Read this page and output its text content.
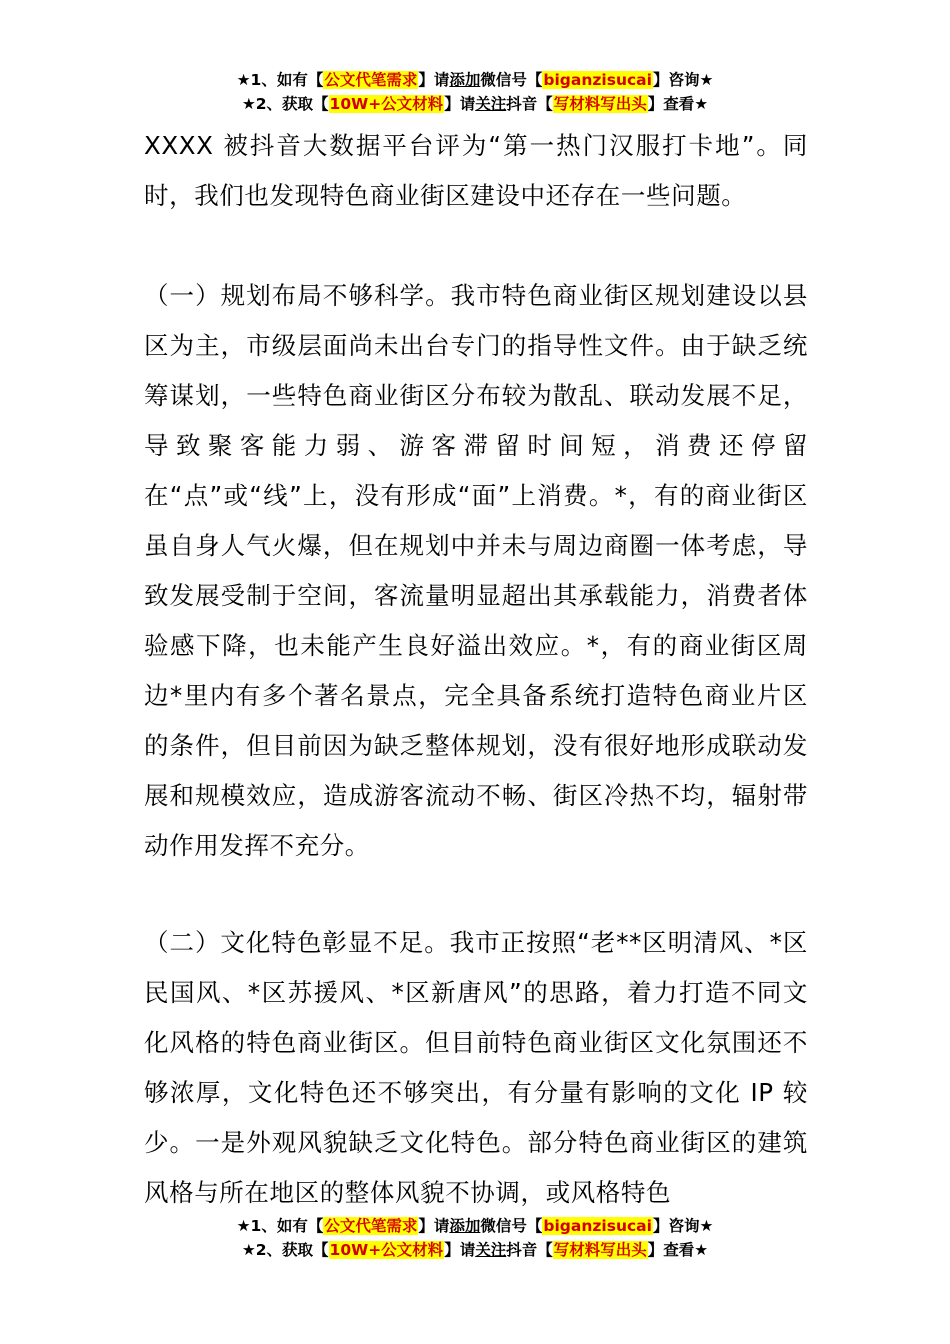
★1、如有【公文代笔需求】请添加微信号【biganzisucai】咨询★
★2、获取【10W+公文材料】请关注抖音【写材料写出头】查看★

XXXX 被抖音大数据平台评为“第一热门汉服打卡地”。同时，我们也发现特色商业街区建设中还存在一些问题。

（一）规划布局不够科学。我市特色商业街区规划建设以县区为主，市级层面尚未出台专门的指导性文件。由于缺乏统筹谋划，一些特色商业街区分布较为散乱、联动发展不足，导致聚客能力弱、游客滞留时间短，消费还停留在“点”或“线”上，没有形成“面”上消费。*，有的商业街区虽自身人气火爆，但在规划中并未与周边商圈一体考虑，导致发展受制于空间，客流量明显超出其承载能力，消费者体验感下降，也未能产生良好溢出效应。*，有的商业街区周边*里内有多个著名景点，完全具备系统打造特色商业片区的条件，但目前因为缺乏整体规划，没有很好地形成联动发展和规模效应，造成游客流动不畅、街区冷热不均，辐射带动作用发挥不充分。

（二）文化特色彰显不足。我市正按照“老**区明清风、*区民国风、*区苏援风、*区新唐风”的思路，着力打造不同文化风格的特色商业街区。但目前特色商业街区文化氛围还不够浓厚，文化特色还不够突出，有分量有影响的文化 IP 较少。一是外观风貌缺乏文化特色。部分特色商业街区的建筑风格与所在地区的整体风貌不协调，或风格特色

★1、如有【公文代笔需求】请添加微信号【biganzisucai】咨询★
★2、获取【10W+公文材料】请关注抖音【写材料写出头】查看★
